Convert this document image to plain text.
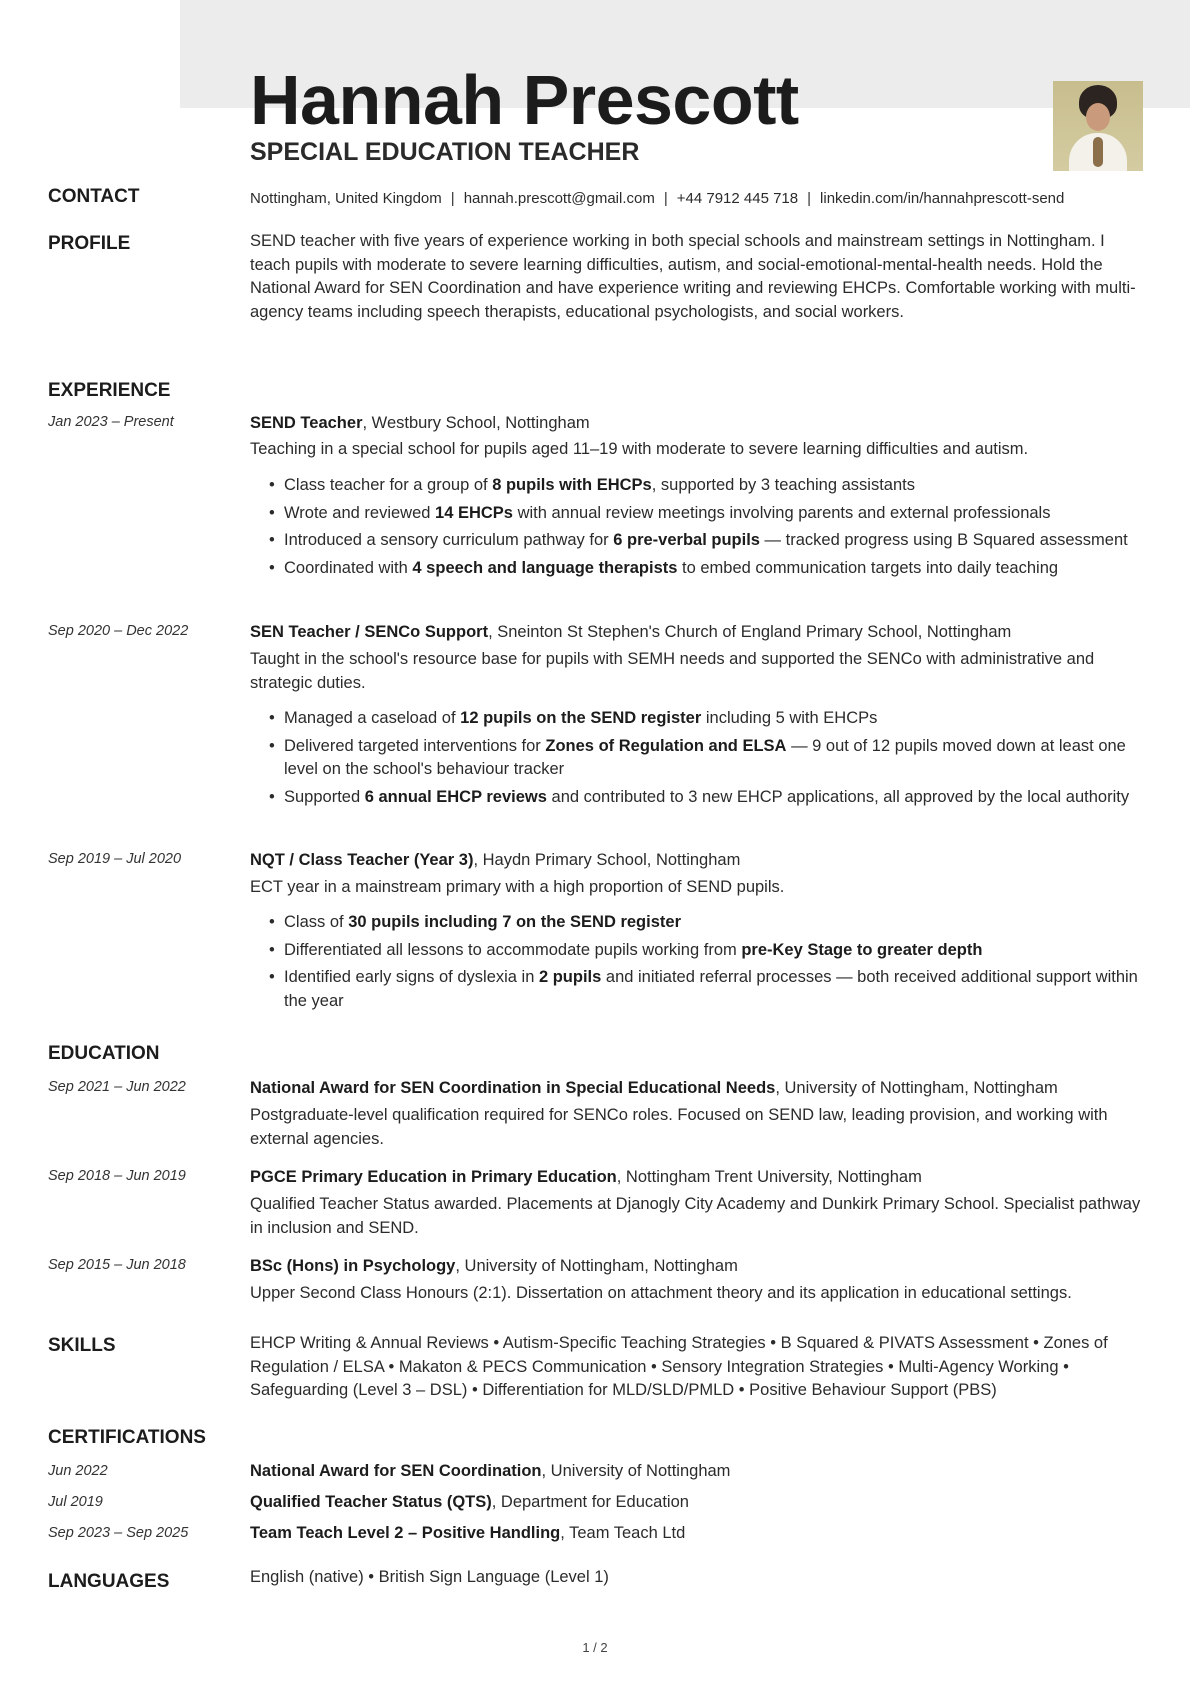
Hannah Prescott
SPECIAL EDUCATION TEACHER
CONTACT	Nottingham, United Kingdom | hannah.prescott@gmail.com | +44 7912 445 718 | linkedin.com/in/hannahprescott-send
PROFILE	SEND teacher with five years of experience working in both special schools and mainstream settings in Nottingham. I teach pupils with moderate to severe learning difficulties, autism, and social-emotional-mental-health needs. Hold the National Award for SEN Coordination and have experience writing and reviewing EHCPs. Comfortable working with multi-agency teams including speech therapists, educational psychologists, and social workers.
EXPERIENCE
Jan 2023 – Present	SEND Teacher, Westbury School, Nottingham
Teaching in a special school for pupils aged 11–19 with moderate to severe learning difficulties and autism.
• Class teacher for a group of 8 pupils with EHCPs, supported by 3 teaching assistants
• Wrote and reviewed 14 EHCPs with annual review meetings involving parents and external professionals
• Introduced a sensory curriculum pathway for 6 pre-verbal pupils — tracked progress using B Squared assessment
• Coordinated with 4 speech and language therapists to embed communication targets into daily teaching
Sep 2020 – Dec 2022	SEN Teacher / SENCo Support, Sneinton St Stephen's Church of England Primary School, Nottingham
Taught in the school's resource base for pupils with SEMH needs and supported the SENCo with administrative and strategic duties.
• Managed a caseload of 12 pupils on the SEND register including 5 with EHCPs
• Delivered targeted interventions for Zones of Regulation and ELSA — 9 out of 12 pupils moved down at least one level on the school's behaviour tracker
• Supported 6 annual EHCP reviews and contributed to 3 new EHCP applications, all approved by the local authority
Sep 2019 – Jul 2020	NQT / Class Teacher (Year 3), Haydn Primary School, Nottingham
ECT year in a mainstream primary with a high proportion of SEND pupils.
• Class of 30 pupils including 7 on the SEND register
• Differentiated all lessons to accommodate pupils working from pre-Key Stage to greater depth
• Identified early signs of dyslexia in 2 pupils and initiated referral processes — both received additional support within the year
EDUCATION
Sep 2021 – Jun 2022	National Award for SEN Coordination in Special Educational Needs, University of Nottingham, Nottingham
Postgraduate-level qualification required for SENCo roles. Focused on SEND law, leading provision, and working with external agencies.
Sep 2018 – Jun 2019	PGCE Primary Education in Primary Education, Nottingham Trent University, Nottingham
Qualified Teacher Status awarded. Placements at Djanogly City Academy and Dunkirk Primary School. Specialist pathway in inclusion and SEND.
Sep 2015 – Jun 2018	BSc (Hons) in Psychology, University of Nottingham, Nottingham
Upper Second Class Honours (2:1). Dissertation on attachment theory and its application in educational settings.
SKILLS	EHCP Writing & Annual Reviews • Autism-Specific Teaching Strategies • B Squared & PIVATS Assessment • Zones of Regulation / ELSA • Makaton & PECS Communication • Sensory Integration Strategies • Multi-Agency Working • Safeguarding (Level 3 – DSL) • Differentiation for MLD/SLD/PMLD • Positive Behaviour Support (PBS)
CERTIFICATIONS
Jun 2022	National Award for SEN Coordination, University of Nottingham
Jul 2019	Qualified Teacher Status (QTS), Department for Education
Sep 2023 – Sep 2025	Team Teach Level 2 – Positive Handling, Team Teach Ltd
LANGUAGES	English (native) • British Sign Language (Level 1)
1 / 2
